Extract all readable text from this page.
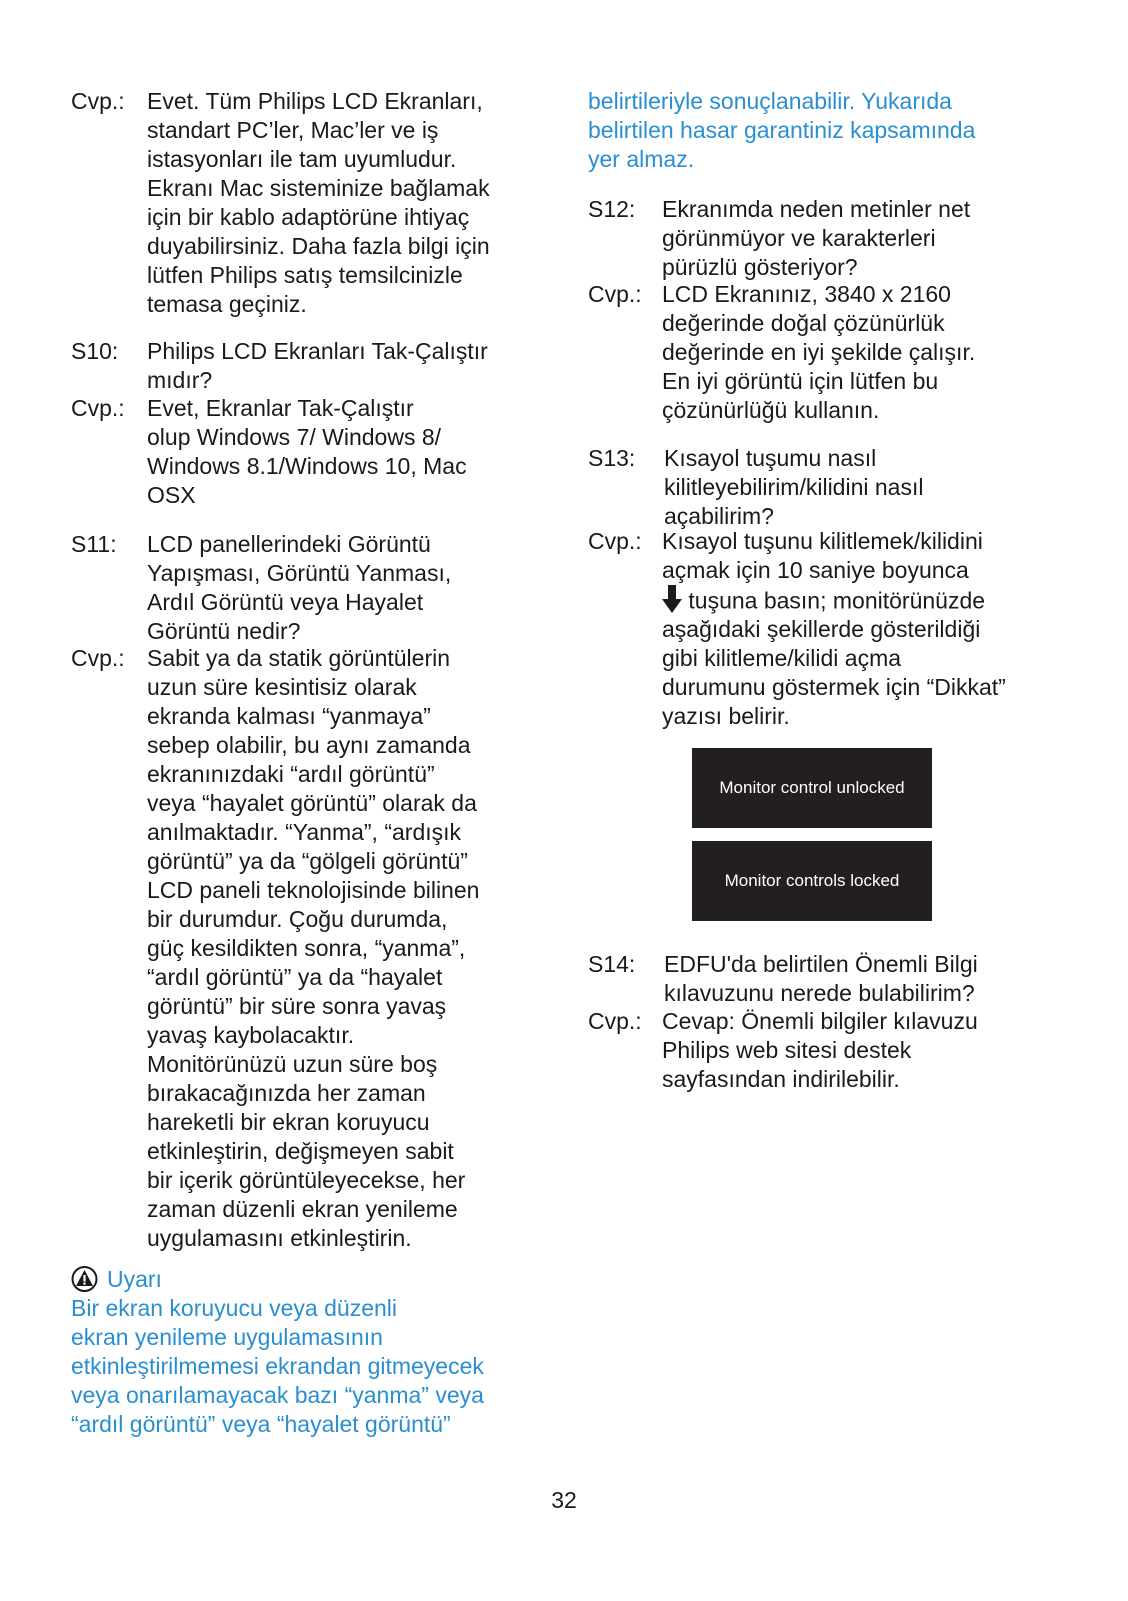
Cvp.: Evet. Tüm Philips LCD Ekranları,
standart PC’ler, Mac’ler ve iş
istasyonları ile tam uyumludur.
Ekranı Mac sisteminize bağlamak
için bir kablo adaptörüne ihtiyaç
duyabilirsiniz. Daha fazla bilgi için
lütfen Philips satış temsilcinizle
temasa geçiniz.
S10: Philips LCD Ekranları Tak-Çalıştır
mıdır?
Cvp.: Evet, Ekranlar Tak-Çalıştır
olup Windows 7/ Windows 8/
Windows 8.1/Windows 10, Mac
OSX
S11: LCD panellerindeki Görüntü
Yapışması, Görüntü Yanması,
Ardıl Görüntü veya Hayalet
Görüntü nedir?
Cvp.: Sabit ya da statik görüntülerin
uzun süre kesintisiz olarak
ekranda kalması “yanmaya”
sebep olabilir, bu aynı zamanda
ekranınızdaki “ardıl görüntü”
veya “hayalet görüntü” olarak da
anılmaktadır. “Yanma”, “ardışık
görüntü” ya da “gölgeli görüntü”
LCD paneli teknolojisinde bilinen
bir durumdur. Çoğu durumda,
güç kesildikten sonra, “yanma”,
“ardıl görüntü” ya da “hayalet
görüntü” bir süre sonra yavaş
yavaş kaybolacaktır.
Monitörünüzü uzun süre boş
bırakacağınızda her zaman
hareketli bir ekran koruyucu
etkinleştirin, değişmeyen sabit
bir içerik görüntüleyecekse, her
zaman düzenli ekran yenileme
uygulamasını etkinleştirin.
Uyarı
Bir ekran koruyucu veya düzenli
ekran yenileme uygulamasının
etkinleştirilmemesi ekrandan gitmeyecek
veya onarılamayacak bazı “yanma” veya
“ardıl görüntü” veya “hayalet görüntü”
belirtileriyle sonuçlanabilir. Yukarıda
belirtilen hasar garantiniz kapsamında
yer almaz.
S12: Ekranımda neden metinler net
görünmüyor ve karakterleri
pürüzlü gösteriyor?
Cvp.: LCD Ekranınız, 3840 x 2160
değerinde doğal çözünürlük
değerinde en iyi şekilde çalışır.
En iyi görüntü için lütfen bu
çözünürlüğü kullanın.
S13: Kısayol tuşumu nasıl
kilitleyebilirim/kilidini nasıl
açabilirim?
Cvp.: Kısayol tuşunu kilitlemek/kilidini
açmak için 10 saniye boyunca
tuşuna basın; monitörünüzde
aşağıdaki şekillerde gösterildiği
gibi kilitleme/kilidi açma
durumunu göstermek için “Dikkat”
yazısı belirir.
Monitor control unlocked
Monitor controls locked
S14: EDFU'da belirtilen Önemli Bilgi
kılavuzunu nerede bulabilirim?
Cvp.: Cevap: Önemli bilgiler kılavuzu
Philips web sitesi destek
sayfasından indirilebilir.
32
